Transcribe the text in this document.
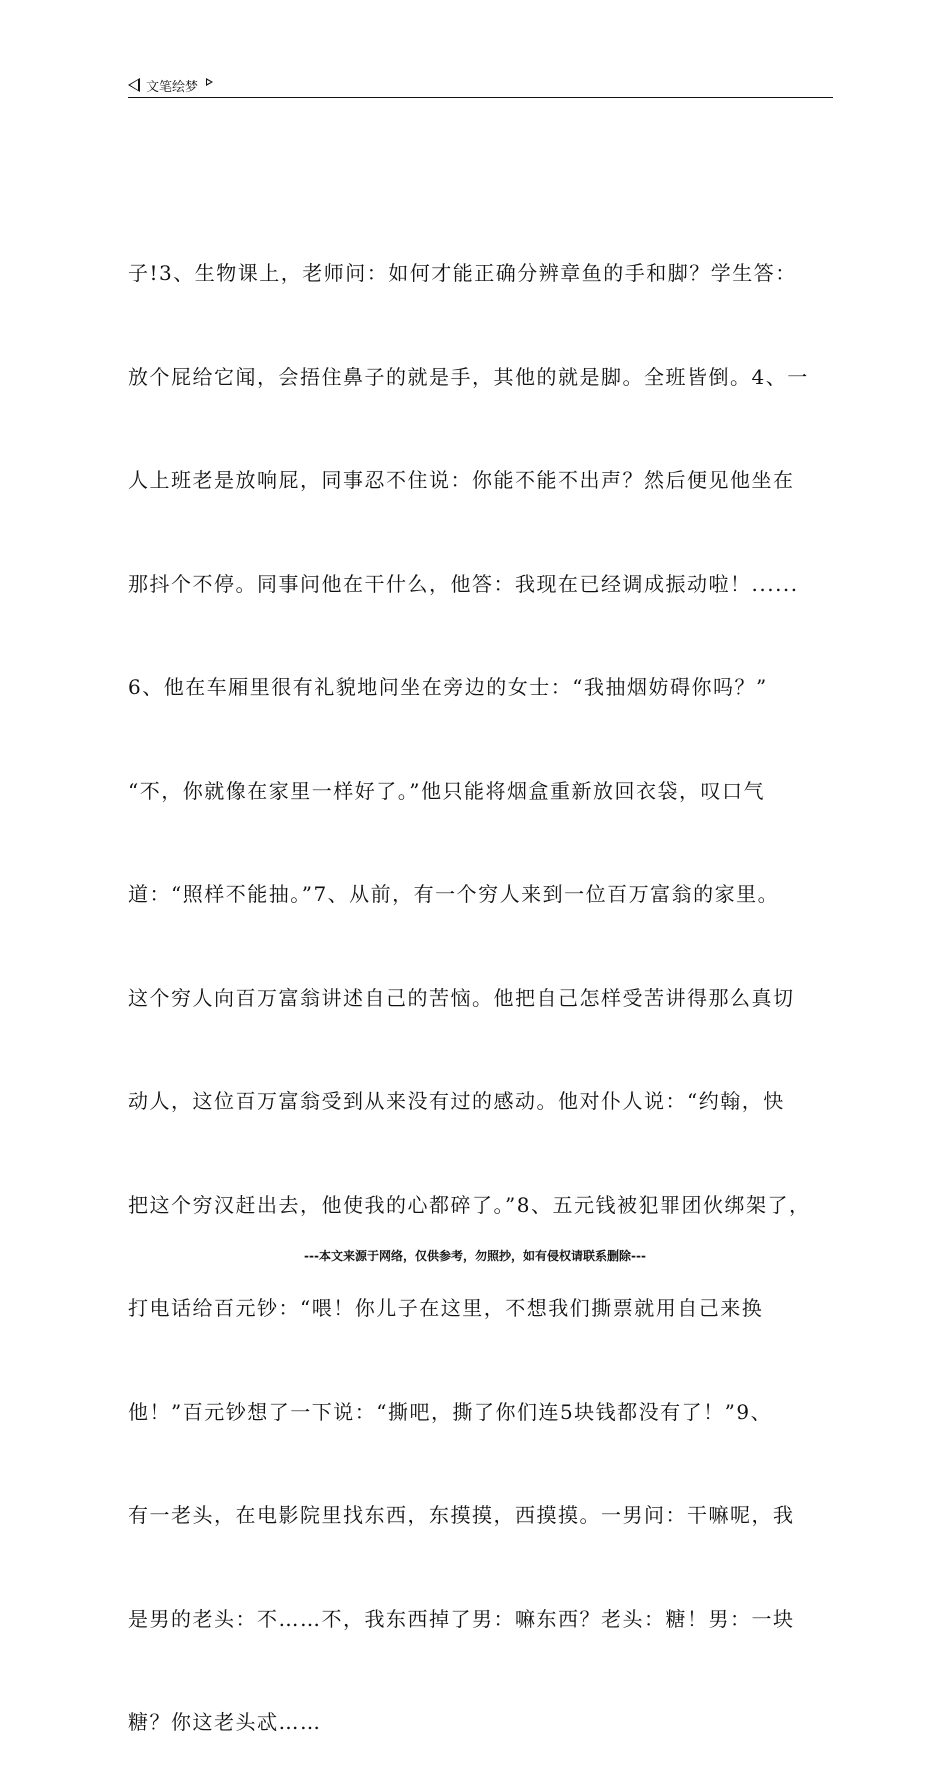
文笔绘梦

子!3、生物课上，老师问：如何才能正确分辨章鱼的手和脚？学生答：

放个屁给它闻，会捂住鼻子的就是手，其他的就是脚。全班皆倒。4、一

人上班老是放响屁，同事忍不住说：你能不能不出声？然后便见他坐在

那抖个不停。同事问他在干什么，他答：我现在已经调成振动啦！......

6、他在车厢里很有礼貌地问坐在旁边的女士：“我抽烟妨碍你吗？”

“不，你就像在家里一样好了。”他只能将烟盒重新放回衣袋，叹口气

道：“照样不能抽。”7、从前，有一个穷人来到一位百万富翁的家里。

这个穷人向百万富翁讲述自己的苦恼。他把自己怎样受苦讲得那么真切

动人，这位百万富翁受到从来没有过的感动。他对仆人说：“约翰，快

把这个穷汉赶出去，他使我的心都碎了。”8、五元钱被犯罪团伙绑架了，

打电话给百元钞：“喂！你儿子在这里，不想我们撕票就用自己来换

他！”百元钞想了一下说：“撕吧，撕了你们连5块钱都没有了！”9、

有一老头，在电影院里找东西，东摸摸，西摸摸。一男问：干嘛呢，我

是男的老头：不……不，我东西掉了男：嘛东西？老头：糖！男：一块

糖？你这老头忒……

---本文来源于网络，仅供参考，勿照抄，如有侵权请联系删除---
